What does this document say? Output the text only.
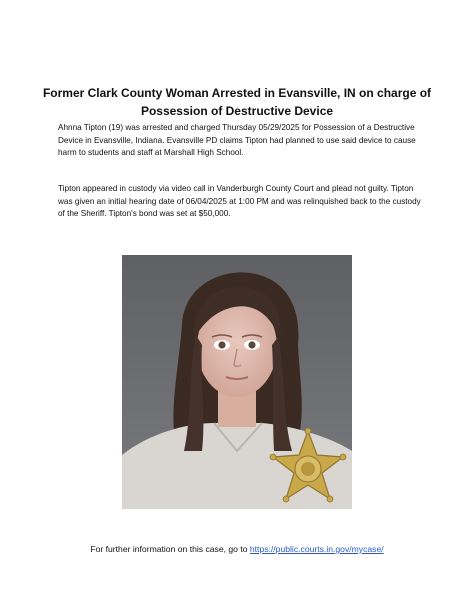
Former Clark County Woman Arrested in Evansville, IN on charge of Possession of Destructive Device

Ahnna Tipton (19) was arrested and charged Thursday 05/29/2025 for Possession of a Destructive Device in Evansville, Indiana. Evansville PD claims Tipton had planned to use said device to cause harm to students and staff at Marshall High School.

Tipton appeared in custody via video call in Vanderburgh County Court and plead not guilty. Tipton was given an initial hearing date of 06/04/2025 at 1:00 PM and was relinquished back to the custody of the Sheriff. Tipton's bond was set at $50,000.

For further information on this case, go to https://public.courts.in.gov/mycase/
